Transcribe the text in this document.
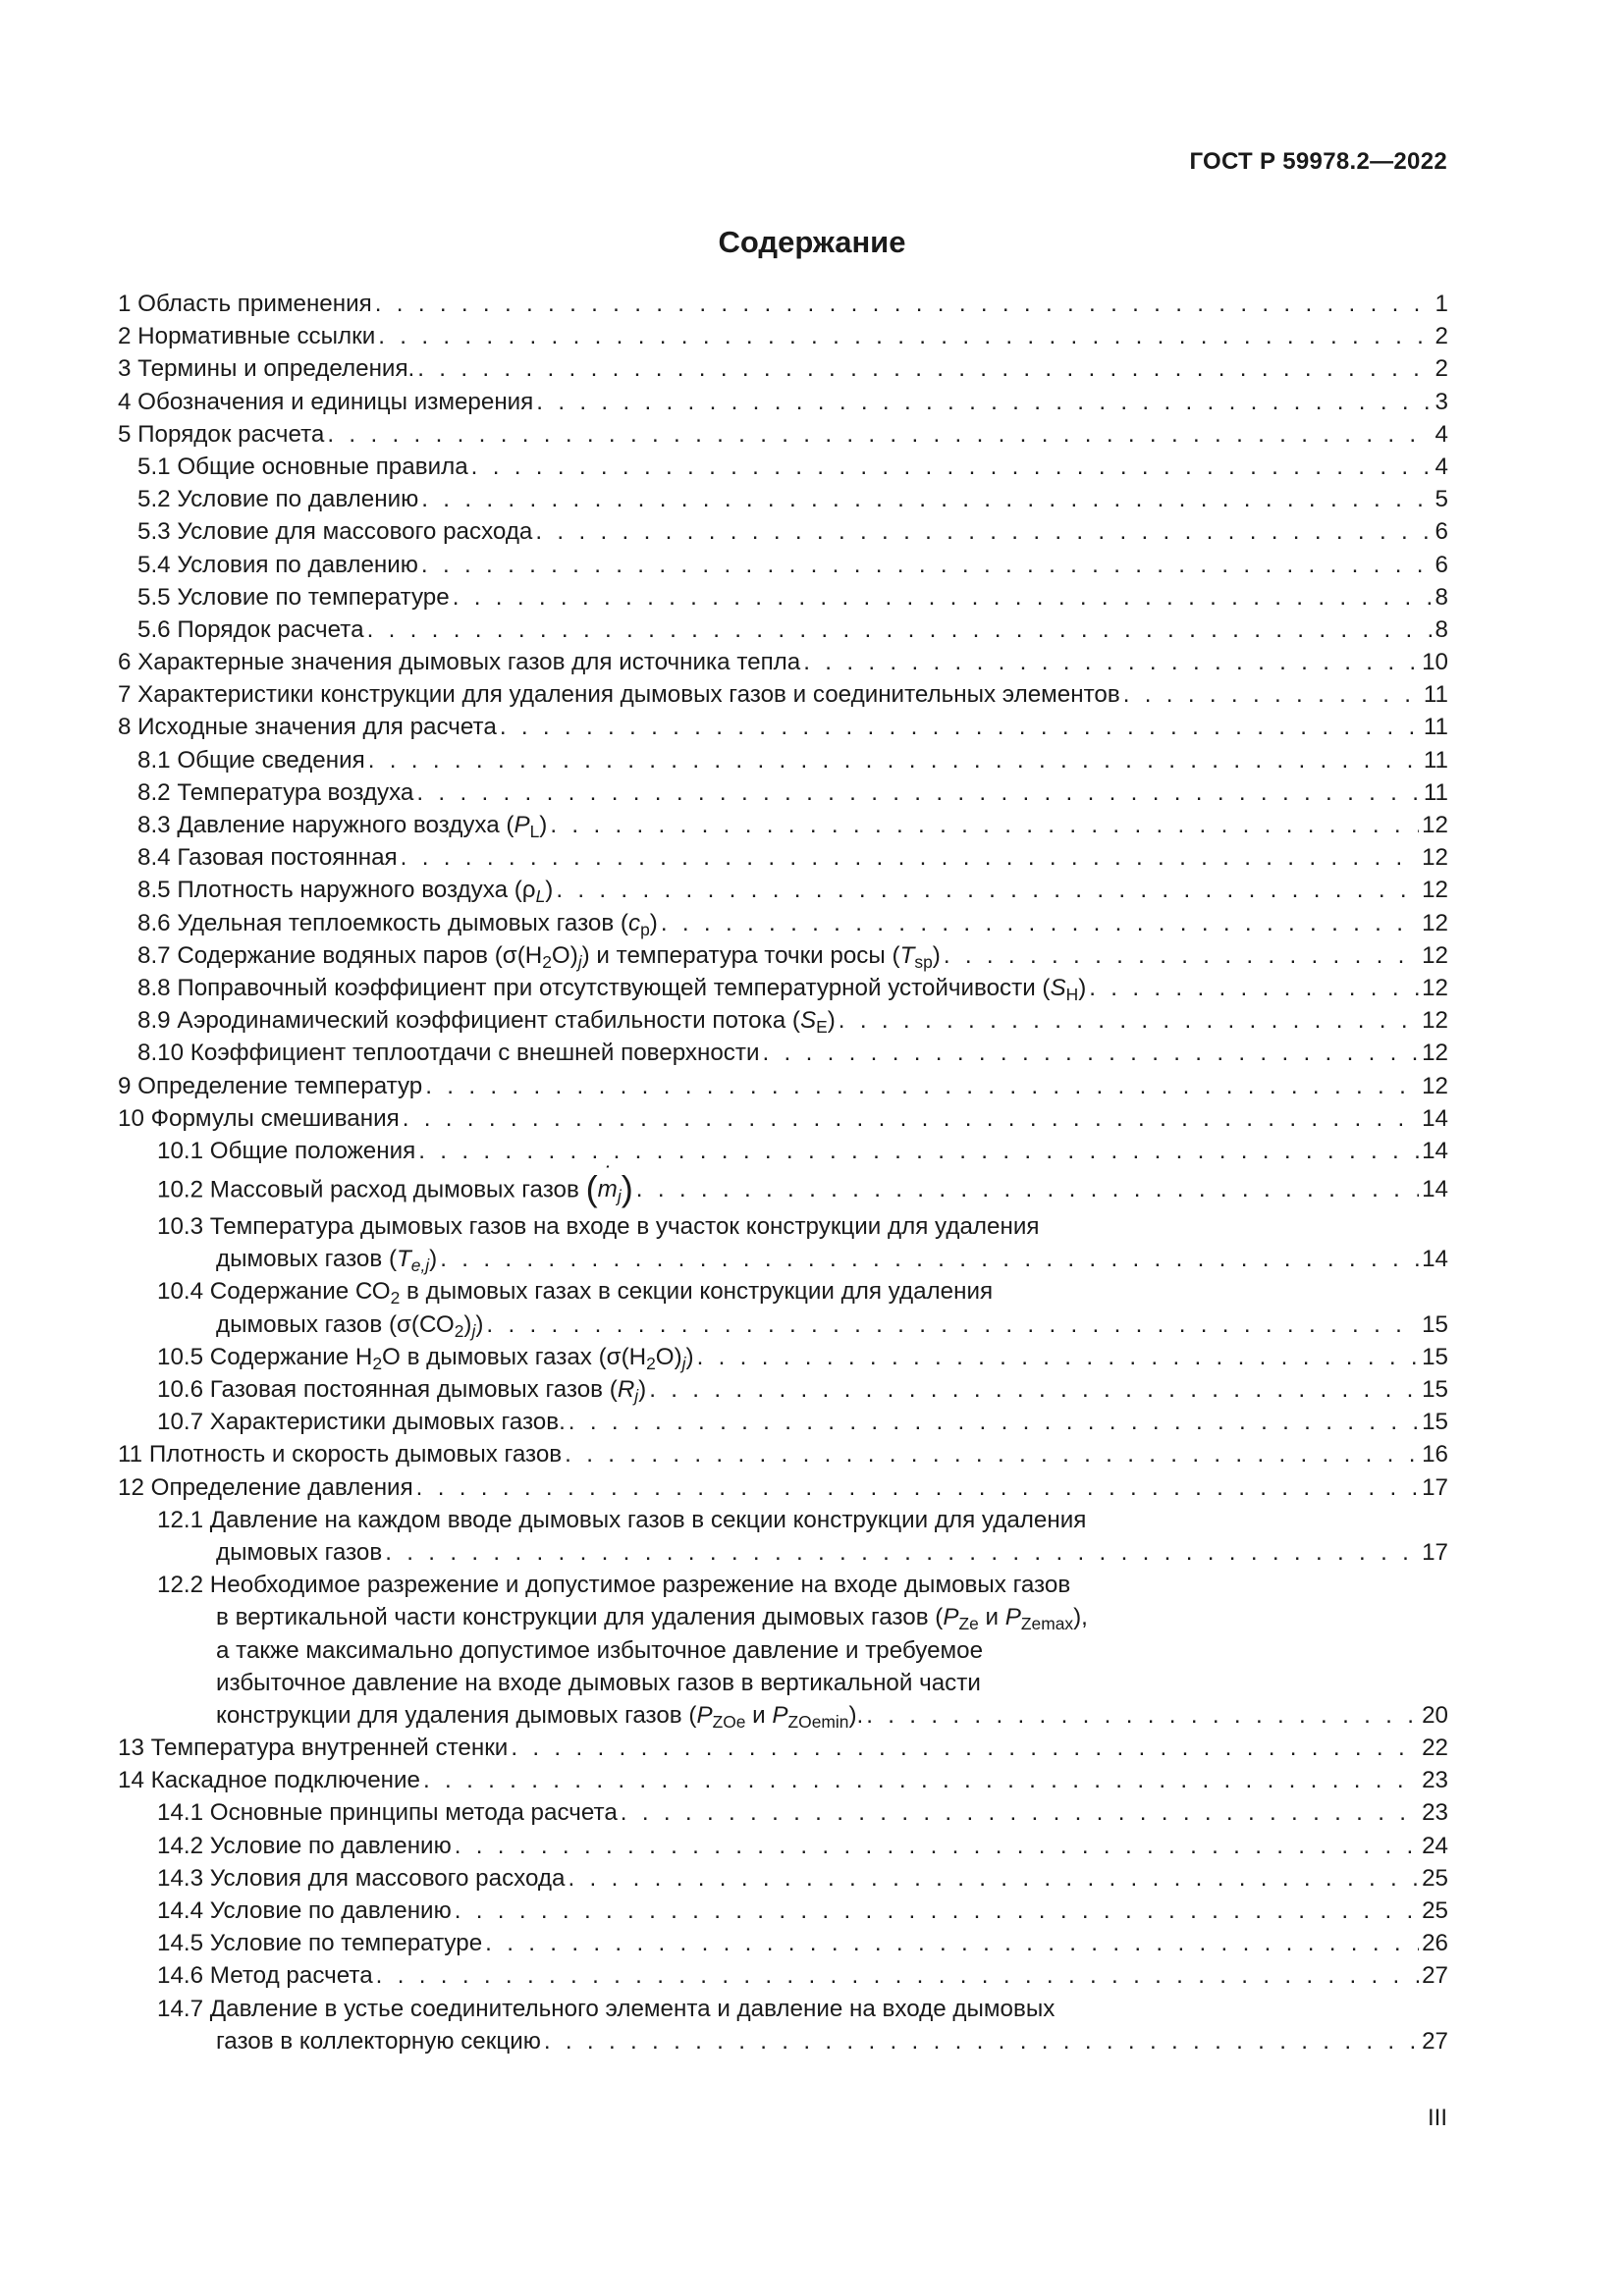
ГОСТ Р 59978.2—2022
Содержание
1 Область применения . . .	1
2 Нормативные ссылки . . .	2
3 Термины и определения. . . .	2
4 Обозначения и единицы измерения . . .	3
5 Порядок расчета . . .	4
5.1 Общие основные правила . . .	4
5.2 Условие по давлению . . .	5
5.3 Условие для массового расхода . . .	6
5.4 Условия по давлению . . .	6
5.5 Условие по температуре . . .	8
5.6 Порядок расчета . . .	8
6 Характерные значения дымовых газов для источника тепла . . .	10
7 Характеристики конструкции для удаления дымовых газов и соединительных элементов . . .	11
8 Исходные значения для расчета . . .	11
8.1 Общие сведения . . .	11
8.2 Температура воздуха . . .	11
8.3 Давление наружного воздуха $(P_L)$ . . .	12
8.4 Газовая постоянная . . .	12
8.5 Плотность наружного воздуха $(\rho_L)$ . . .	12
8.6 Удельная теплоемкость дымовых газов $(c_p)$ . . .	12
8.7 Содержание водяных паров $(\sigma(H_2O)_j)$ и температура точки росы $(T_{sp})$ . . .	12
8.8 Поправочный коэффициент при отсутствующей температурной устойчивости $(S_H)$ . . .	12
8.9 Аэродинамический коэффициент стабильности потока $(S_E)$ . . .	12
8.10 Коэффициент теплоотдачи с внешней поверхности . . .	12
9 Определение температур . . .	12
10 Формулы смешивания . . .	14
10.1 Общие положения . . .	14
10.2 Массовый расход дымовых газов (˙ $m_j$) . . .	14
10.3 Температура дымовых газов на входе в участок конструкции для удаления
дымовых газов $(T_{e,j})$ . . .	14
10.4 Содержание $СО_2$ в дымовых газах в секции конструкции для удаления
дымовых газов $(\sigma(СО_2)_j)$ . . .	15
10.5 Содержание $Н_2O$ в дымовых газах $(\sigma(H_2O)_j)$ . . .	15
10.6 Газовая постоянная дымовых газов $(R_j)$ . . .	15
10.7 Характеристики дымовых газов. . . .	15
11 Плотность и скорость дымовых газов . . .	16
12 Определение давления . . .	17
12.1 Давление на каждом вводе дымовых газов в секции конструкции для удаления
дымовых газов . . .	17
12.2 Необходимое разрежение и допустимое разрежение на входе дымовых газов
в вертикальной части конструкции для удаления дымовых газов ($P_{Ze}$ и $P_{Zemax}$),
а также максимально допустимое избыточное давление и требуемое
избыточное давление на входе дымовых газов в вертикальной части
конструкции для удаления дымовых газов ($P_{ZOe}$ и $P_{ZOemin}$). . . .	20
13 Температура внутренней стенки . . .	22
14 Каскадное подключение . . .	23
14.1 Основные принципы метода расчета . . .	23
14.2 Условие по давлению . . .	24
14.3 Условия для массового расхода . . .	25
14.4 Условие по давлению . . .	25
14.5 Условие по температуре . . .	26
14.6 Метод расчета . . .	27
14.7 Давление в устье соединительного элемента и давление на входе дымовых
газов в коллекторную секцию . . .	27
III
